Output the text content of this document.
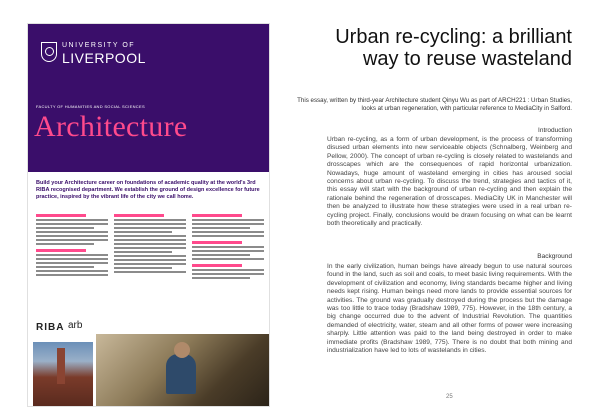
UNIVERSITY OF
LIVERPOOL
FACULTY OF HUMANITIES AND SOCIAL SCIENCES
Architecture
Build your Architecture career on foundations of academic quality at the world's 3rd RIBA recognised department. We establish the ground of design excellence for future practice, inspired by the vibrant life of the city we call home.
RIBA arb
Urban re-cycling: a brilliant way to reuse wasteland
This essay, written by third-year Architecture student Qinyu Wu as part of ARCH221 : Urban Studies, looks at urban regeneration, with particular reference to MediaCity in Salford.
Introduction
Urban re-cycling, as a form of urban development, is the process of transforming disused urban elements into new serviceable objects (Schnalberg, Weinberg and Pellow, 2000). The concept of urban re-cycling is closely related to wastelands and drosscapes which are the consequences of rapid horizontal urbanization. Nowadays, huge amount of wasteland emerging in cities has aroused social concerns about urban re-cycling. To discuss the trend, strategies and tactics of it, this essay will start with the background of urban re-cycling and then explain the rationale behind the regeneration of drosscapes. MediaCity UK in Manchester will then be analyzed to illustrate how these strategies were used in a real urban re-cycling project. Finally, conclusions would be drawn focusing on what can be learnt both theoretically and practically.
Background
In the early civilization, human beings have already begun to use natural sources found in the land, such as soil and coals, to meet basic living requirements. With the development of civilization and economy, living standards became higher and living needs kept rising. Human beings need more lands to provide essential sources for activities. The ground was gradually destroyed during the process but the damage was too little to trace today (Bradshaw 1989, 775). However, in the 18th century, a big change occurred due to the advent of Industrial Revolution. The quantities demanded of electricity, water, steam and all other forms of power were increasing sharply. Little attention was paid to the land being destroyed in order to make immediate profits (Bradshaw 1989, 775). There is no doubt that both mining and industrialization have led to lots of wastelands in cities.
25
